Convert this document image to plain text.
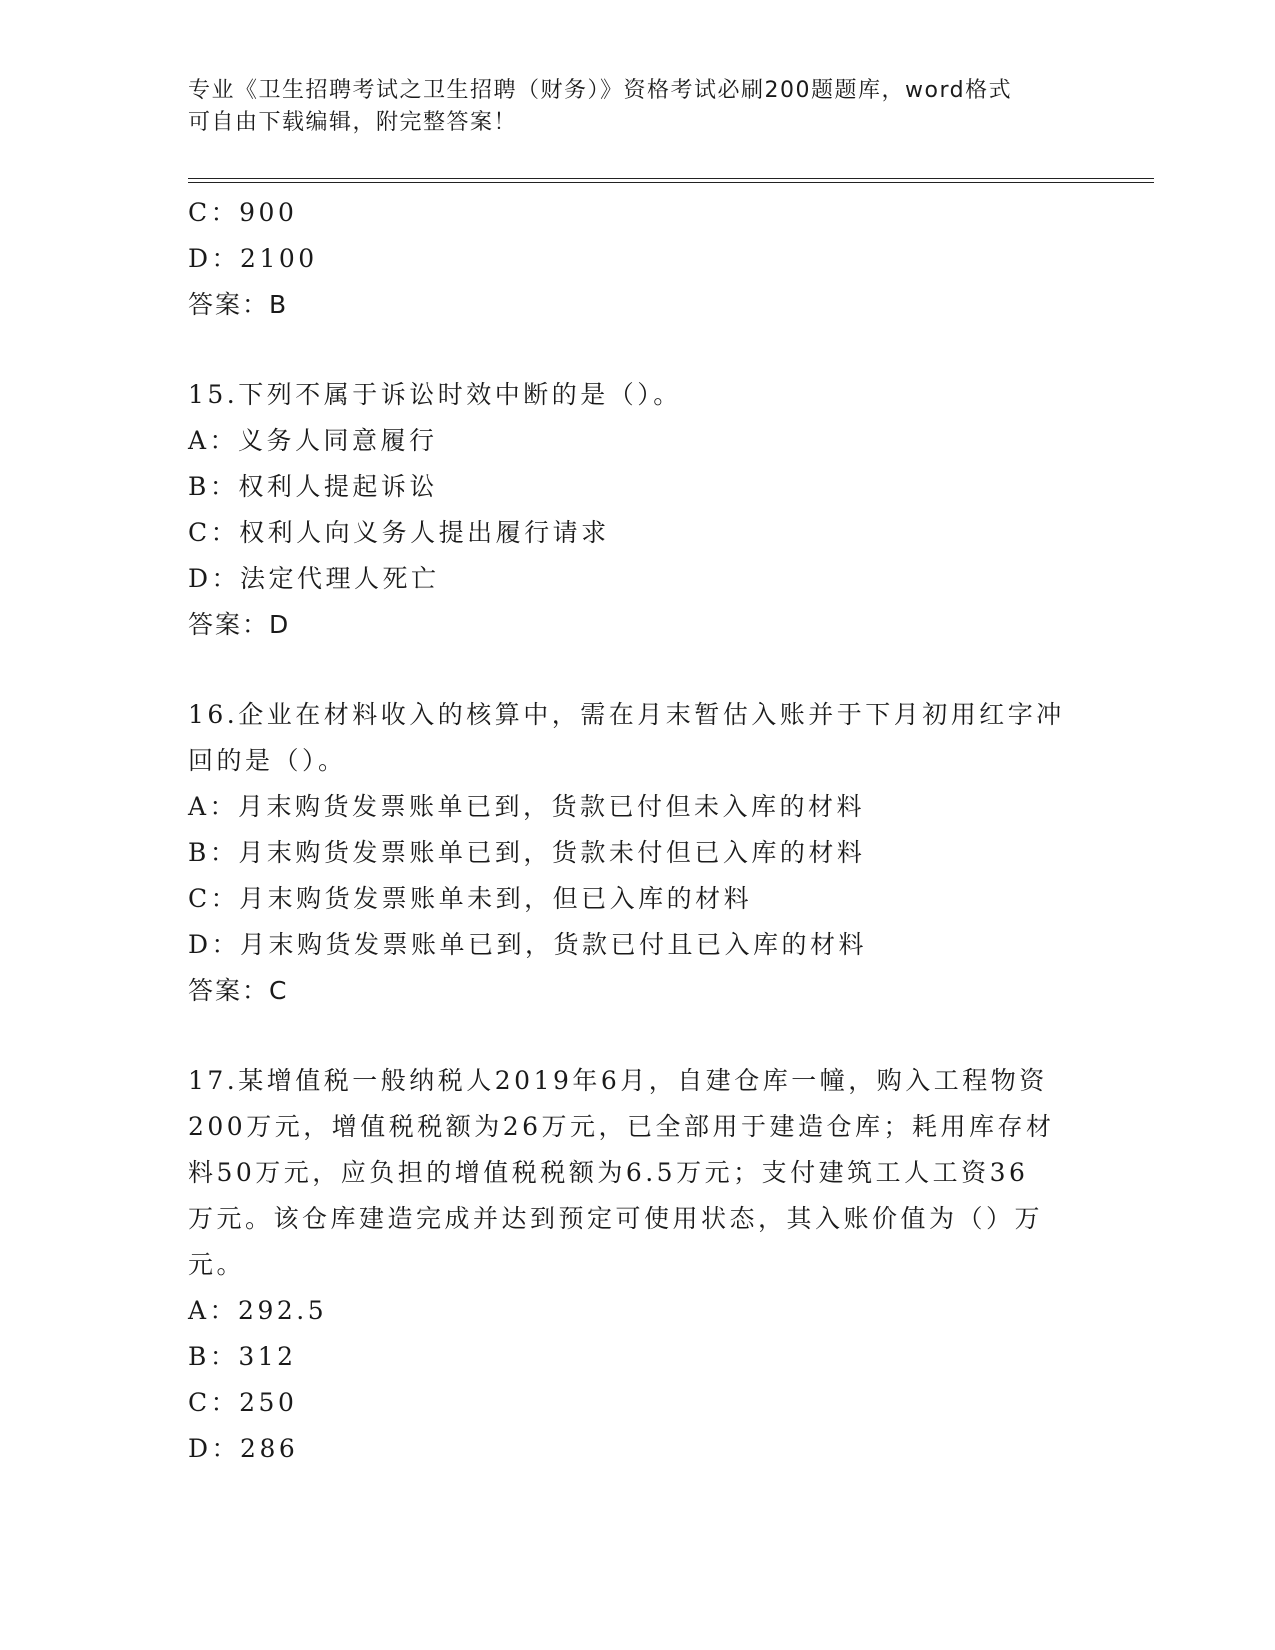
专业《卫生招聘考试之卫生招聘（财务）》资格考试必刷200题题库，word格式
可自由下载编辑，附完整答案！
C：900
D：2100
答案：B
15.下列不属于诉讼时效中断的是（）。
A：义务人同意履行
B：权利人提起诉讼
C：权利人向义务人提出履行请求
D：法定代理人死亡
答案：D
16.企业在材料收入的核算中，需在月末暂估入账并于下月初用红字冲
回的是（）。
A：月末购货发票账单已到，货款已付但未入库的材料
B：月末购货发票账单已到，货款未付但已入库的材料
C：月末购货发票账单未到，但已入库的材料
D：月末购货发票账单已到，货款已付且已入库的材料
答案：C
17.某增值税一般纳税人2019年6月，自建仓库一幢，购入工程物资
200万元，增值税税额为26万元，已全部用于建造仓库；耗用库存材
料50万元，应负担的增值税税额为6.5万元；支付建筑工人工资36
万元。该仓库建造完成并达到预定可使用状态，其入账价值为（）万
元。
A：292.5
B：312
C：250
D：286
